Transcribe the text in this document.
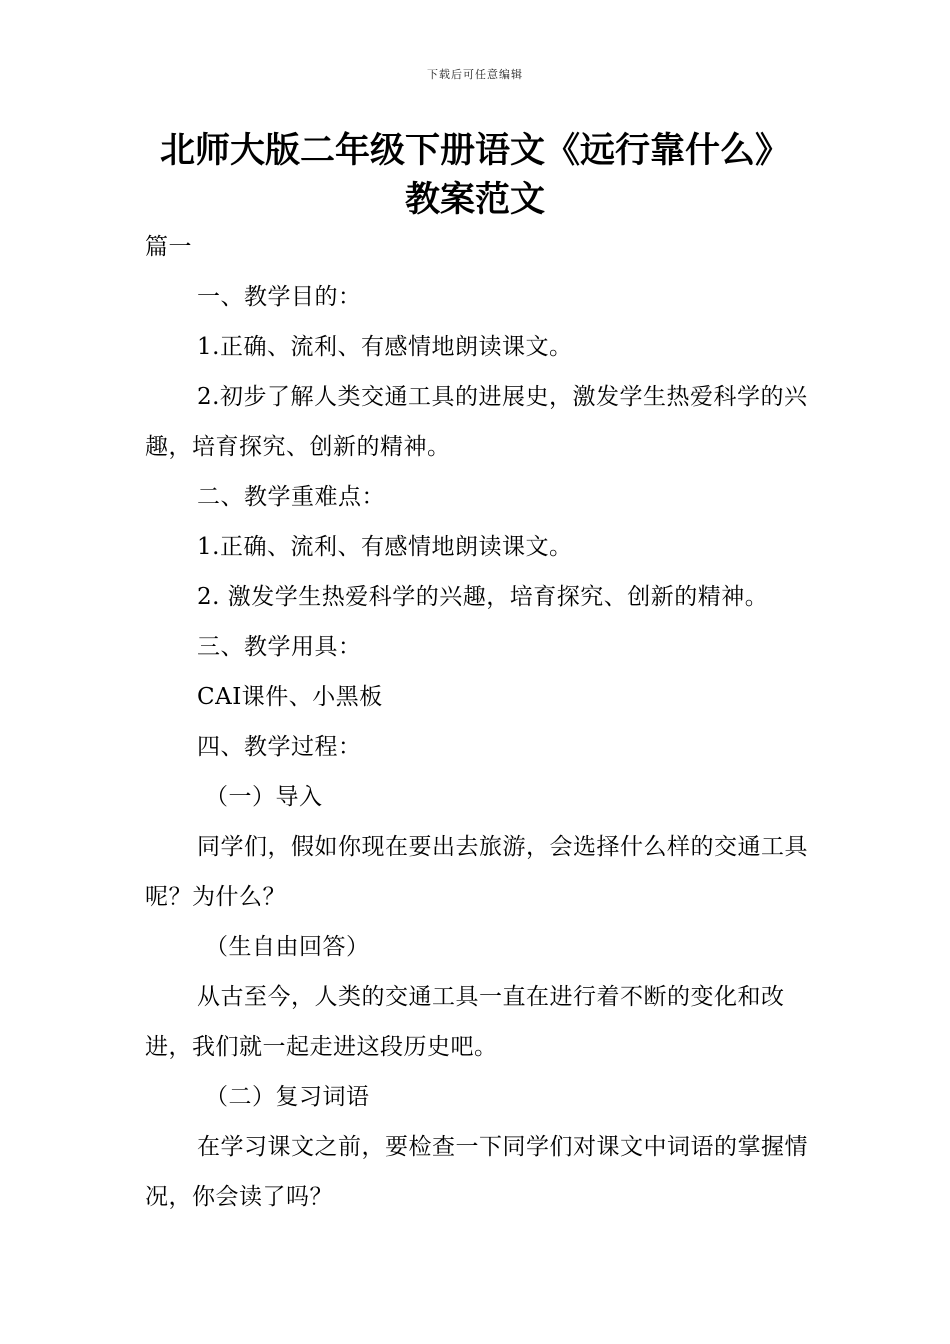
下载后可任意编辑
北师大版二年级下册语文《远行靠什么》
教案范文

篇一

一、教学目的：

1.正确、流利、有感情地朗读课文。

2.初步了解人类交通工具的进展史，激发学生热爱科学的兴趣，培育探究、创新的精神。

二、教学重难点：

1.正确、流利、有感情地朗读课文。

2. 激发学生热爱科学的兴趣，培育探究、创新的精神。

三、教学用具：

CAI课件、小黑板

四、教学过程：

（一）导入

同学们，假如你现在要出去旅游，会选择什么样的交通工具呢？为什么？

（生自由回答）

从古至今，人类的交通工具一直在进行着不断的变化和改进，我们就一起走进这段历史吧。

（二）复习词语

在学习课文之前，要检查一下同学们对课文中词语的掌握情况，你会读了吗？
